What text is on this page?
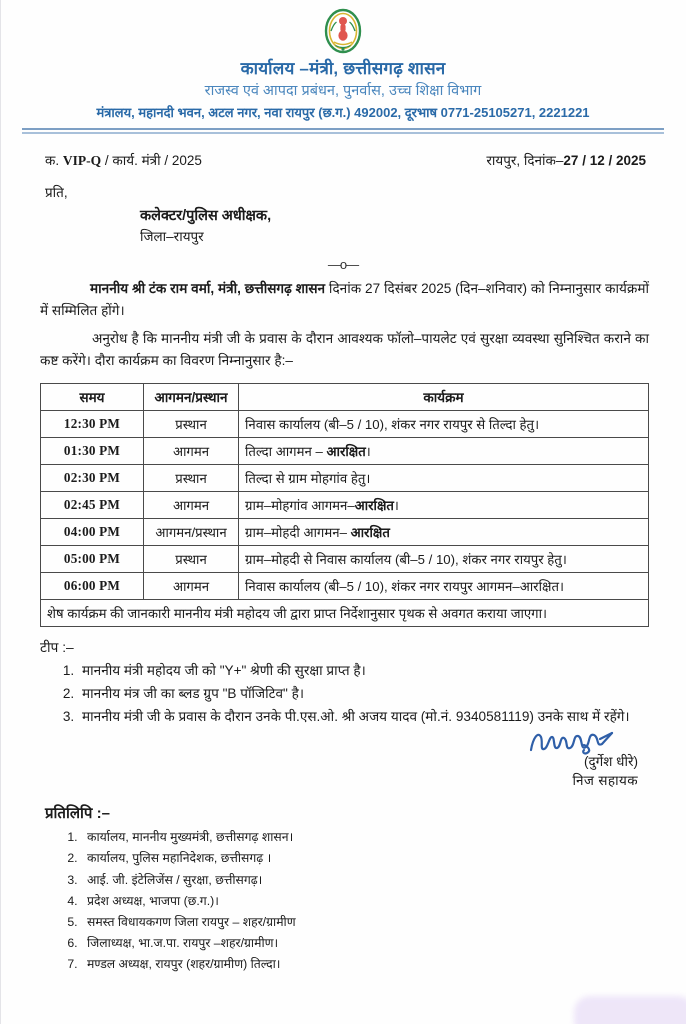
कार्यालय –मंत्री, छत्तीसगढ़ शासन
राजस्व एवं आपदा प्रबंधन, पुनर्वास, उच्च शिक्षा विभाग
मंत्रालय, महानदी भवन, अटल नगर, नवा रायपुर (छ.ग.) 492002, दूरभाष 0771-25105271, 2221221
क. VIP-Q / कार्य. मंत्री / 2025	रायपुर, दिनांक–27 / 12 / 2025
प्रति,
कलेक्टर/पुलिस अधीक्षक,
जिला–रायपुर
—o—
माननीय श्री टंक राम वर्मा, मंत्री, छत्तीसगढ़ शासन दिनांक 27 दिसंबर 2025 (दिन–शनिवार) को निम्नानुसार कार्यक्रमों में सम्मिलित होंगे।
अनुरोध है कि माननीय मंत्री जी के प्रवास के दौरान आवश्यक फॉलो–पायलेट एवं सुरक्षा व्यवस्था सुनिश्चित कराने का कष्ट करेंगे। दौरा कार्यक्रम का विवरण निम्नानुसार है:–
समय	आगमन/प्रस्थान	कार्यक्रम
12:30 PM	प्रस्थान	निवास कार्यालय (बी–5 / 10), शंकर नगर रायपुर से तिल्दा हेतु।
01:30 PM	आगमन	तिल्दा आगमन – आरक्षित।
02:30 PM	प्रस्थान	तिल्दा से ग्राम मोहगांव हेतु।
02:45 PM	आगमन	ग्राम–मोहगांव आगमन–आरक्षित।
04:00 PM	आगमन/प्रस्थान	ग्राम–मोहदी आगमन– आरक्षित
05:00 PM	प्रस्थान	ग्राम–मोहदी से निवास कार्यालय (बी–5 / 10), शंकर नगर रायपुर हेतु।
06:00 PM	आगमन	निवास कार्यालय (बी–5 / 10), शंकर नगर रायपुर आगमन–आरक्षित।
शेष कार्यक्रम की जानकारी माननीय मंत्री महोदय जी द्वारा प्राप्त निर्देशानुसार पृथक से अवगत कराया जाएगा।		
टीप :–
1. माननीय मंत्री महोदय जी को "Y+" श्रेणी की सुरक्षा प्राप्त है।
2. माननीय मंत्र जी का ब्लड ग्रुप "B पॉजिटिव" है।
3. माननीय मंत्री जी के प्रवास के दौरान उनके पी.एस.ओ. श्री अजय यादव (मो.नं. 9340581119) उनके साथ में रहेंगे।
(दुर्गेश धीरे)
निज सहायक
प्रतिलिपि :–
1. कार्यालय, माननीय मुख्यमंत्री, छत्तीसगढ़ शासन।
2. कार्यालय, पुलिस महानिदेशक, छत्तीसगढ़ ।
3. आई. जी. इंटेलिजेंस / सुरक्षा, छत्तीसगढ़।
4. प्रदेश अध्यक्ष, भाजपा (छ.ग.)।
5. समस्त विधायकगण जिला रायपुर – शहर/ग्रामीण
6. जिलाध्यक्ष, भा.ज.पा. रायपुर –शहर/ग्रामीण।
7. मण्डल अध्यक्ष, रायपुर (शहर/ग्रामीण) तिल्दा।
